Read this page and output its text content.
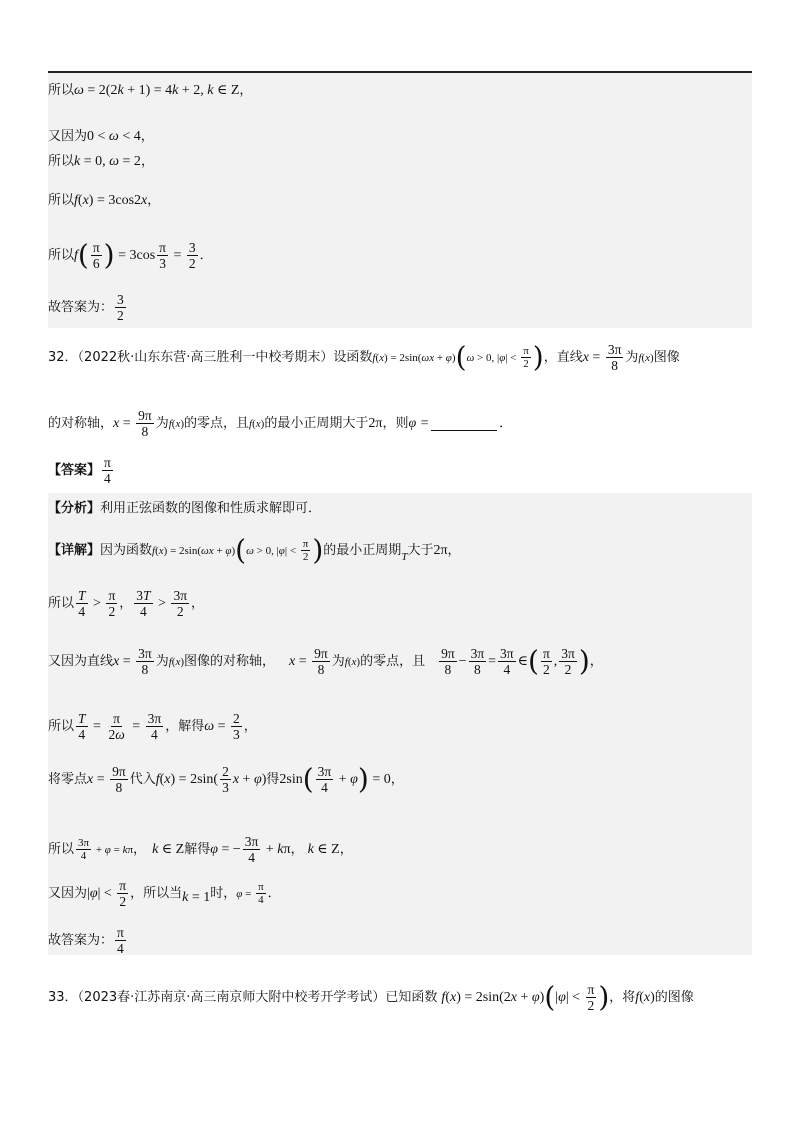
所以ω = 2(2k + 1) = 4k + 2, k ∈ Z，
又因为0 < ω < 4，
所以k = 0, ω = 2，
所以f(x) = 3cos2x，
所以$f( \frac{\pi}{6}$ ) = $3\cos \frac{\pi}{3} = \frac{3}{2}$ ．
故答案为： $\frac{3}{2}$
32．（2022秋·山东东营·高三胜利一中校考期末）设函数f(x) = 2sin(ωx + φ)(ω > 0, $|\varphi| < \frac{\pi}{2}$ )，直线$x = \frac{3\pi}{8}$ 为f(x)图像
的对称轴，$x = \frac{9\pi}{8}$ 为f(x)的零点，且f(x)的最小正周期大于2π，则φ =	．
【答案】 $\frac{\pi}{4}$
【分析】利用正弦函数的图像和性质求解即可．
【详解】因为函数f(x) = 2sin(ωx + φ)(ω > 0, $|\varphi| < \frac{\pi}{2}$ )的最小正周期$_T$大于2π，
所以 $\frac{T}{4} > \frac{\pi}{2}$ ， $\frac{3T}{4} > \frac{3\pi}{2}$ ，
又因为直线$x = \frac{3\pi}{8}$ 为f(x)图像的对称轴， $x = \frac{9\pi}{8}$ 为f(x)的零点，且 $\frac{9\pi}{8} - \frac{3\pi}{8} = \frac{3\pi}{4}$ ∈( $\frac{\pi}{2}$ , $\frac{3\pi}{2}$ )，
所以 $\frac{T}{4} = \frac{\pi}{2\omega} = \frac{3\pi}{4}$ ，解得$\omega = \frac{2}{3}$ ，
将零点$x = \frac{9\pi}{8}$ 代入$f(x) = 2\sin( \frac{2}{3}$ x + φ)得$2\sin( \frac{3\pi}{4} + \varphi) = 0$，
所以 $\frac{3\pi}{4} + \varphi = k\pi$， k ∈ Z解得φ = − $\frac{3\pi}{4} + k\pi$， k ∈ Z，
又因为$|\varphi| < \frac{\pi}{2}$ ，所以当k = 1时，$\varphi = \frac{\pi}{4}$ ．
故答案为： $\frac{\pi}{4}$
33．（2023春·江苏南京·高三南京师大附中校考开学考试）已知函数 $f(x) = 2\sin(2x + \varphi)(|\varphi| < \frac{\pi}{2}$ )，将f(x)的图像
